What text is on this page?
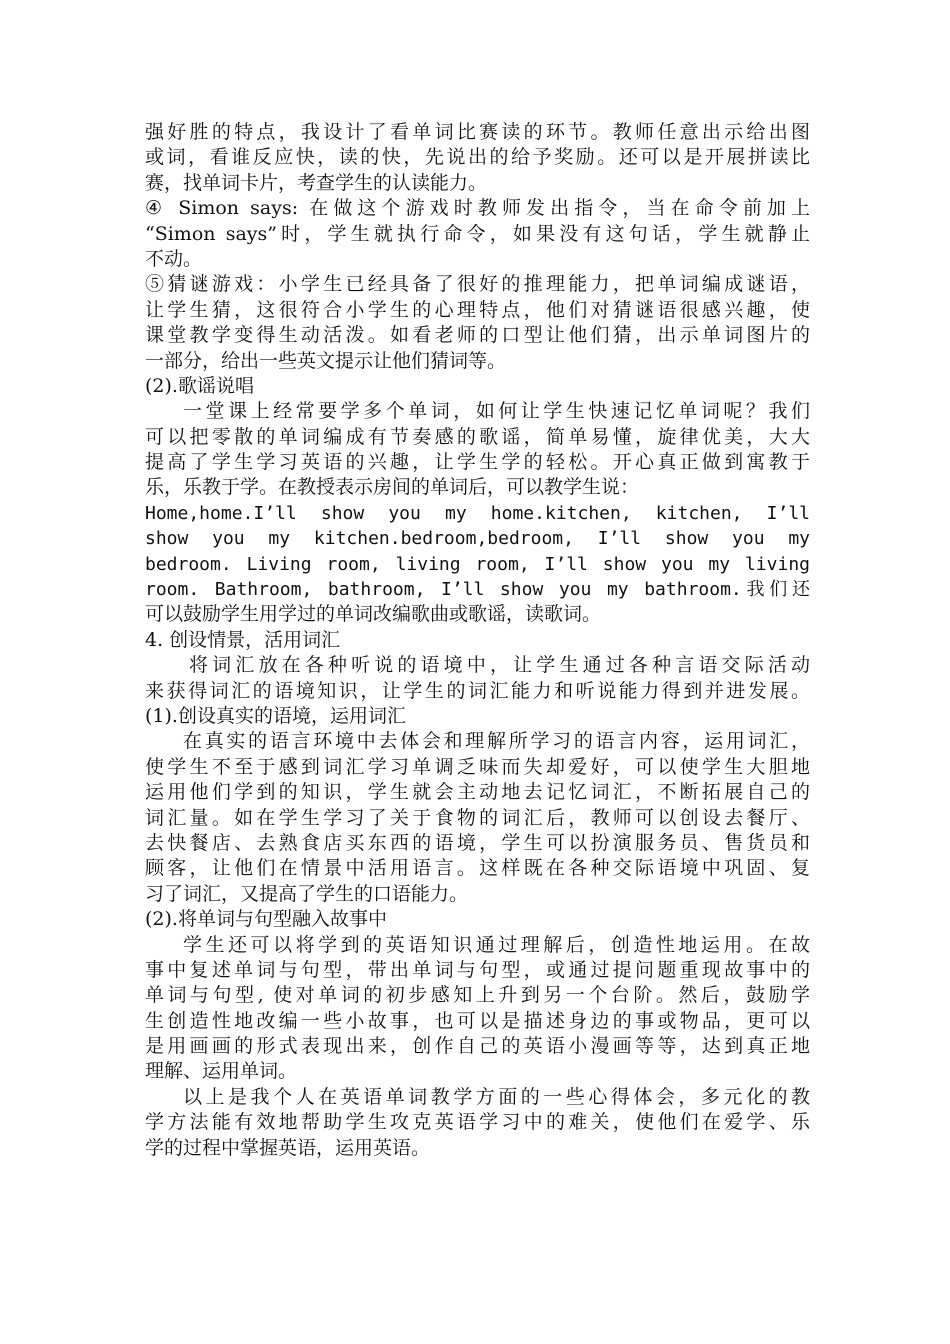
强好胜的特点，我设计了看单词比赛读的环节。教师任意出示给出图
或词，看谁反应快，读的快，先说出的给予奖励。还可以是开展拼读比
赛，找单词卡片，考查学生的认读能力。
④ Simon says: 在做这个游戏时教师发出指令，当在命令前加上
“Simon says”时，学生就执行命令，如果没有这句话，学生就静止
不动。
⑤猜谜游戏：小学生已经具备了很好的推理能力，把单词编成谜语，
让学生猜，这很符合小学生的心理特点，他们对猜谜语很感兴趣，使
课堂教学变得生动活泼。如看老师的口型让他们猜，出示单词图片的
一部分，给出一些英文提示让他们猜词等。
(2).歌谣说唱
一堂课上经常要学多个单词，如何让学生快速记忆单词呢？我们
可以把零散的单词编成有节奏感的歌谣，简单易懂，旋律优美，大大
提高了学生学习英语的兴趣，让学生学的轻松。开心真正做到寓教于
乐，乐教于学。在教授表示房间的单词后，可以教学生说：
Home,home.I’ll show you my home.kitchen, kitchen, I’ll
show you my kitchen.bedroom,bedroom, I’ll show you my
bedroom. Living room, living room, I’ll show you my living
room. Bathroom, bathroom, I’ll show you my bathroom.我们还
可以鼓励学生用学过的单词改编歌曲或歌谣，读歌词。
4. 创设情景，活用词汇
将词汇放在各种听说的语境中，让学生通过各种言语交际活动
来获得词汇的语境知识，让学生的词汇能力和听说能力得到并进发展。
(1).创设真实的语境，运用词汇
在真实的语言环境中去体会和理解所学习的语言内容，运用词汇，
使学生不至于感到词汇学习单调乏味而失却爱好，可以使学生大胆地
运用他们学到的知识，学生就会主动地去记忆词汇，不断拓展自己的
词汇量。如在学生学习了关于食物的词汇后，教师可以创设去餐厅、
去快餐店、去熟食店买东西的语境，学生可以扮演服务员、售货员和
顾客，让他们在情景中活用语言。这样既在各种交际语境中巩固、复
习了词汇，又提高了学生的口语能力。
(2).将单词与句型融入故事中
学生还可以将学到的英语知识通过理解后，创造性地运用。在故
事中复述单词与句型，带出单词与句型，或通过提问题重现故事中的
单词与句型, 使对单词的初步感知上升到另一个台阶。然后，鼓励学
生创造性地改编一些小故事，也可以是描述身边的事或物品，更可以
是用画画的形式表现出来，创作自己的英语小漫画等等，达到真正地
理解、运用单词。
以上是我个人在英语单词教学方面的一些心得体会，多元化的教
学方法能有效地帮助学生攻克英语学习中的难关，使他们在爱学、乐
学的过程中掌握英语，运用英语。
